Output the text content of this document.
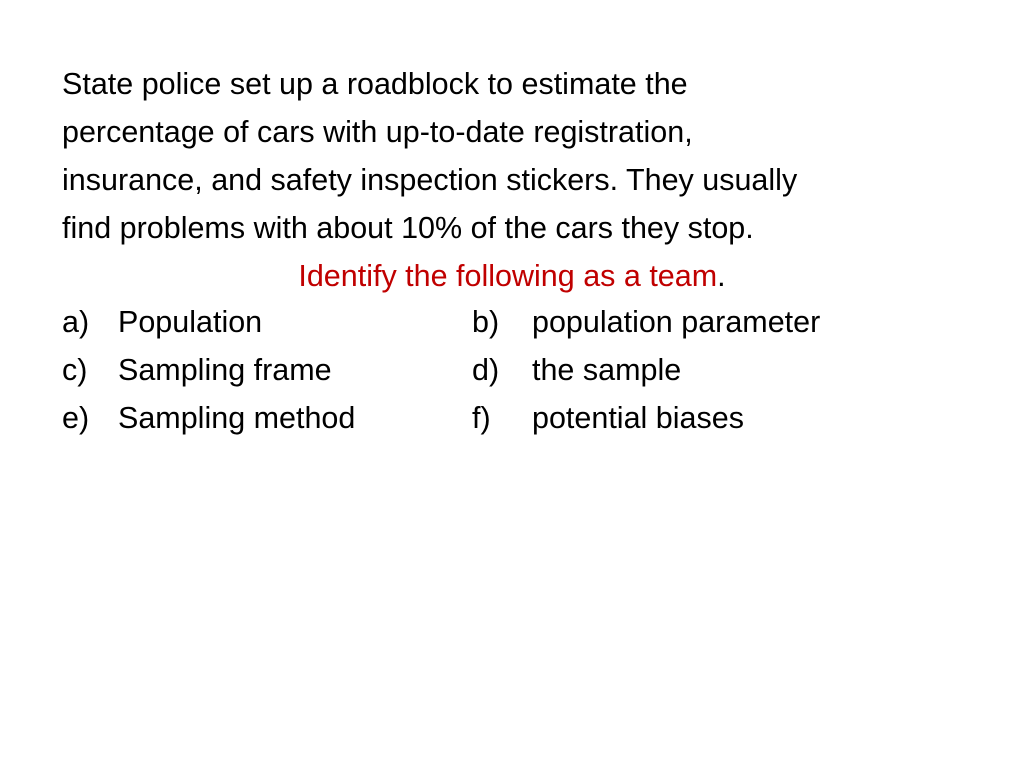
State police set up a roadblock to estimate the
percentage of cars with up-to-date registration,
insurance, and safety inspection stickers. They usually
find problems with about 10% of the cars they stop.
Identify the following as a team.
a) Population	b) population parameter
c) Sampling frame	d) the sample
e) Sampling method	f) potential biases
